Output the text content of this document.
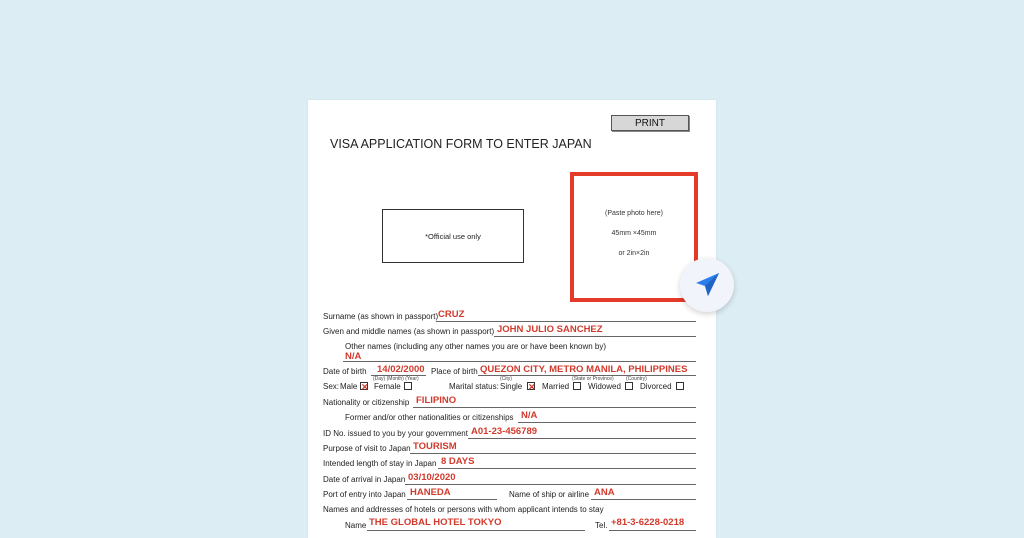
PRINT
VISA APPLICATION FORM TO ENTER JAPAN
*Official use only
(Paste photo here)
45mm ×45mm
or 2in×2in
Surname (as shown in passport) CRUZ
Given and middle names (as shown in passport) JOHN JULIO SANCHEZ
Other names (including any other names you are or have been known by)
N/A
Date of birth 14/02/2000
(Day) (Month) (Year)
Place of birth QUEZON CITY, METRO MANILA, PHILIPPINES
(City)	(State or Province) (Country)
Sex: Male ✕ Female	Marital status: Single ✕ Married Widowed Divorced
Nationality or citizenship FILIPINO
Former and/or other nationalities or citizenships N/A
ID No. issued to you by your government A01-23-456789
Purpose of visit to Japan TOURISM
Intended length of stay in Japan 8 DAYS
Date of arrival in Japan 03/10/2020
Port of entry into Japan HANEDA	Name of ship or airline ANA
Names and addresses of hotels or persons with whom applicant intends to stay
Name THE GLOBAL HOTEL TOKYO	Tel. +81-3-6228-0218
